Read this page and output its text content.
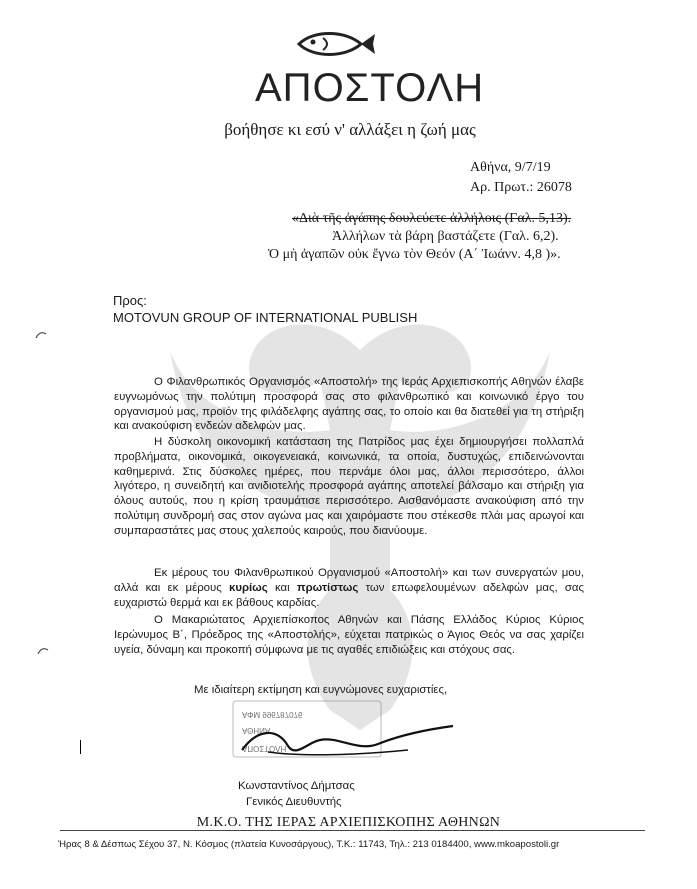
ΑΠΟΣΤΟΛΗ
βοήθησε κι εσύ ν' αλλάξει η ζωή μας
Αθήνα, 9/7/19
Αρ. Πρωτ.: 26078
«Διὰ τῆς ἀγάπης δουλεύετε ἀλλήλοις (Γαλ. 5,13).
Ἀλλήλων τὰ βάρη βαστάζετε (Γαλ. 6,2).
Ὁ μὴ ἀγαπῶν οὐκ ἔγνω τὸν Θεόν (Α΄ Ἰωάνν. 4,8 )».
Προς:
MOTOVUN GROUP OF INTERNATIONAL PUBLISH
Ο Φιλανθρωπικός Οργανισμός «Αποστολή» της Ιεράς Αρχιεπισκοπής Αθηνών έλαβε ευγνωμόνως την πολύτιμη προσφορά σας στο φιλανθρωπικό και κοινωνικό έργο του οργανισμού μας, προϊόν της φιλάδελφης αγάπης σας, το οποίο και θα διατεθεί για τη στήριξη και ανακούφιση ενδεών αδελφών μας.
Η δύσκολη οικονομική κατάσταση της Πατρίδος μας έχει δημιουργήσει πολλαπλά προβλήματα, οικονομικά, οικογενειακά, κοινωνικά, τα οποία, δυστυχώς, επιδεινώνονται καθημερινά. Στις δύσκολες ημέρες, που περνάμε όλοι μας, άλλοι περισσότερο, άλλοι λιγότερο, η συνειδητή και ανιδιοτελής προσφορά αγάπης αποτελεί βάλσαμο και στήριξη για όλους αυτούς, που η κρίση τραυμάτισε περισσότερο. Αισθανόμαστε ανακούφιση από την πολύτιμη συνδρομή σας στον αγώνα μας και χαιρόμαστε που στέκεσθε πλάι μας αρωγοί και συμπαραστάτες μας στους χαλεπούς καιρούς, που διανύουμε.
Εκ μέρους του Φιλανθρωπικού Οργανισμού «Αποστολή» και των συνεργατών μου, αλλά και εκ μέρους κυρίως και πρωτίστως των επωφελουμένων αδελφών μας, σας ευχαριστώ θερμά και εκ βάθους καρδίας.
Ο Μακαριώτατος Αρχιεπίσκοπος Αθηνών και Πάσης Ελλάδος Κύριος Κύριος Ιερώνυμος Β΄, Πρόεδρος της «Αποστολής», εύχεται πατρικώς ο Άγιος Θεός να σας χαρίζει υγεία, δύναμη και προκοπή σύμφωνα με τις αγαθές επιδιώξεις και στόχους σας.
Με ιδιαίτερη εκτίμηση και ευγνώμονες ευχαριστίες,
ΑΦΜ 996787076
ΑΘΗΝΑ
ΑΠΟΣΤΟΛΗ
Κωνσταντίνος Δήμτσας
Γενικός Διευθυντής
Μ.Κ.Ο. ΤΗΣ ΙΕΡΑΣ ΑΡΧΙΕΠΙΣΚΟΠΗΣ ΑΘΗΝΩΝ
Ήρας 8 & Δέσπως Σέχου 37, Ν. Κόσμος (πλατεία Κυνοσάργους), Τ.Κ.: 11743, Τηλ.: 213 0184400, www.mkoapostoli.gr
